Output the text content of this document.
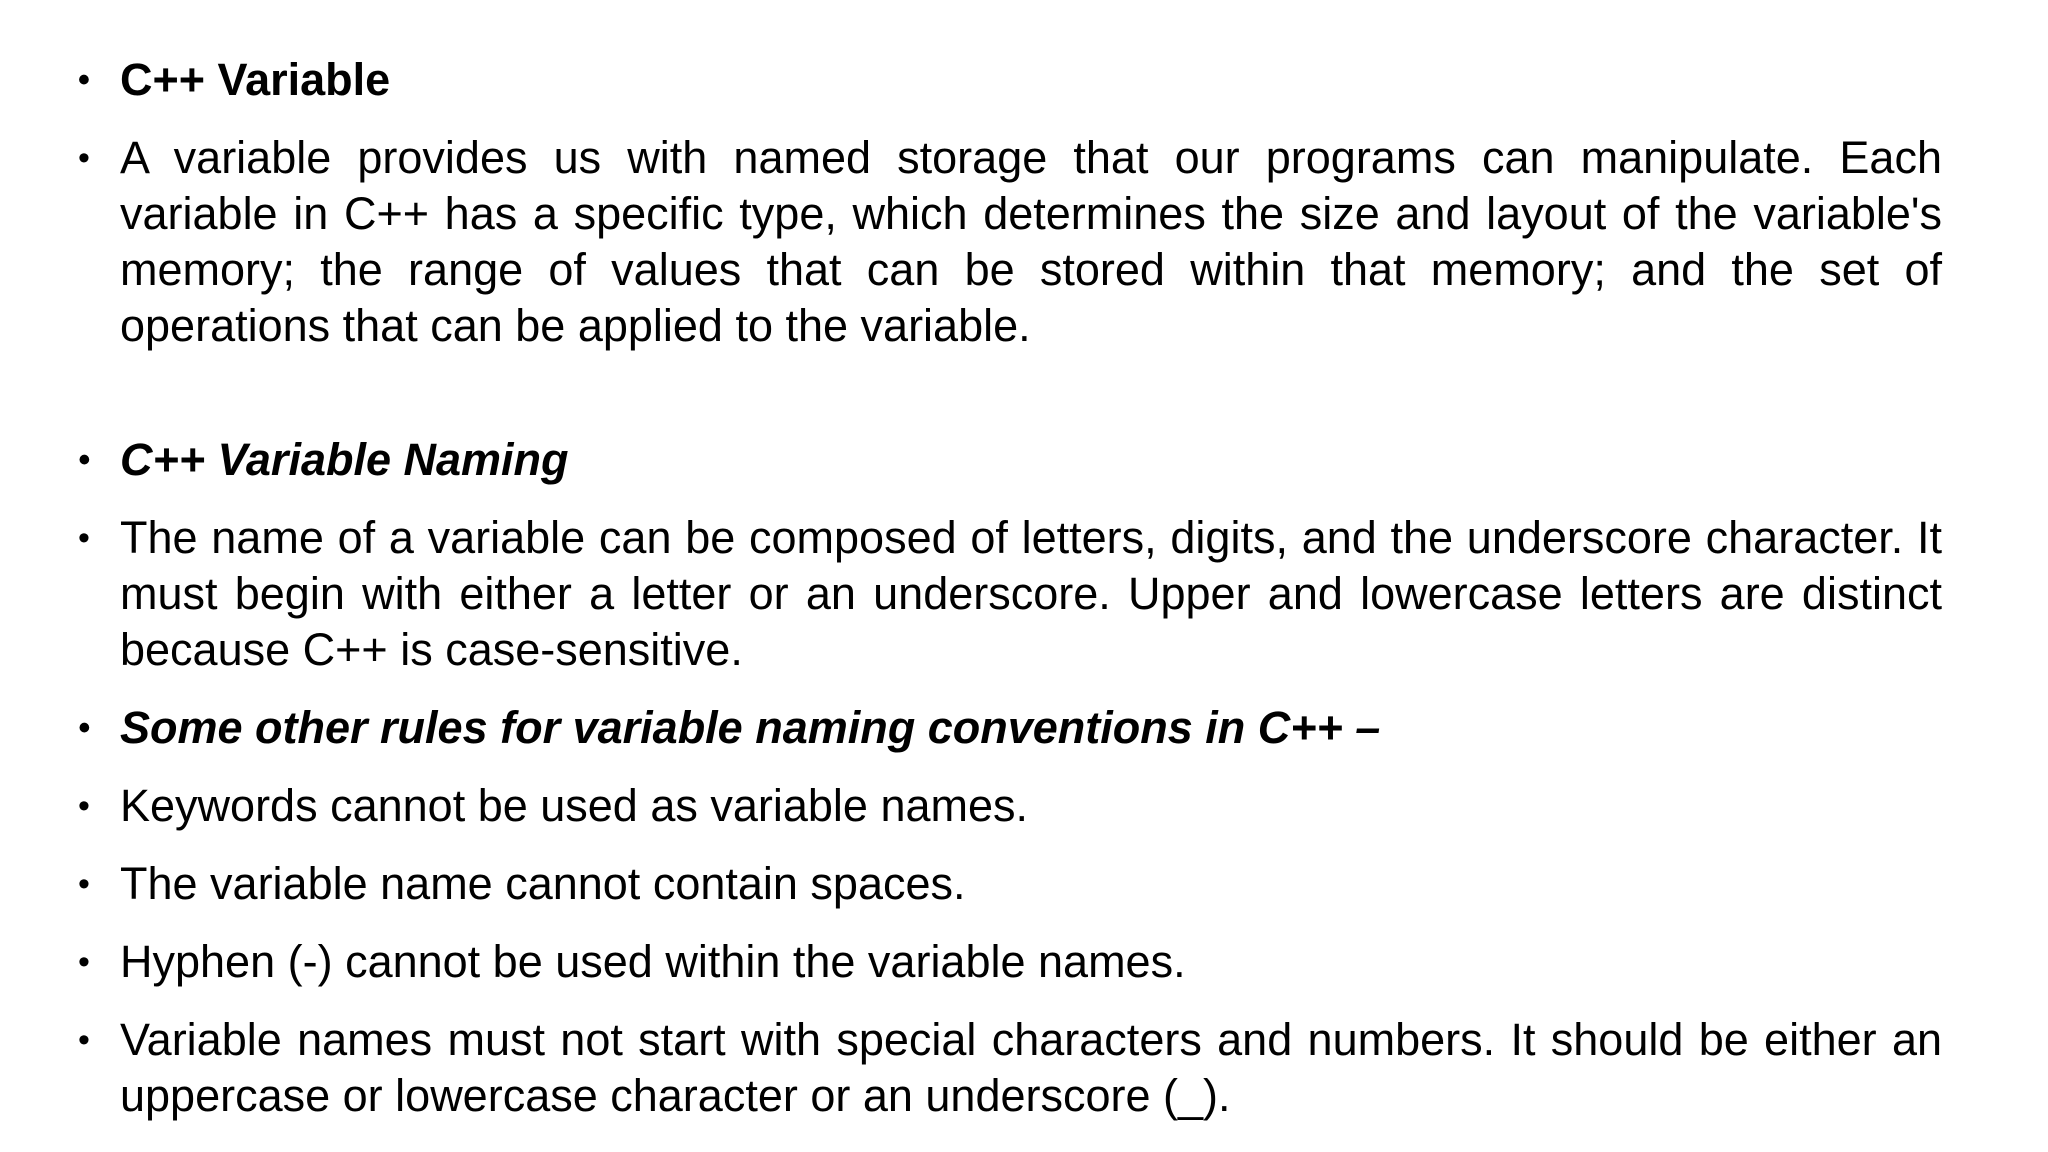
• C++ Variable
• A variable provides us with named storage that our programs can manipulate. Each variable in C++ has a specific type, which determines the size and layout of the variable's memory; the range of values that can be stored within that memory; and the set of operations that can be applied to the variable.
• C++ Variable Naming
• The name of a variable can be composed of letters, digits, and the underscore character. It must begin with either a letter or an underscore. Upper and lowercase letters are distinct because C++ is case-sensitive.
• Some other rules for variable naming conventions in C++ –
• Keywords cannot be used as variable names.
• The variable name cannot contain spaces.
• Hyphen (-) cannot be used within the variable names.
• Variable names must not start with special characters and numbers. It should be either an uppercase or lowercase character or an underscore (_).
